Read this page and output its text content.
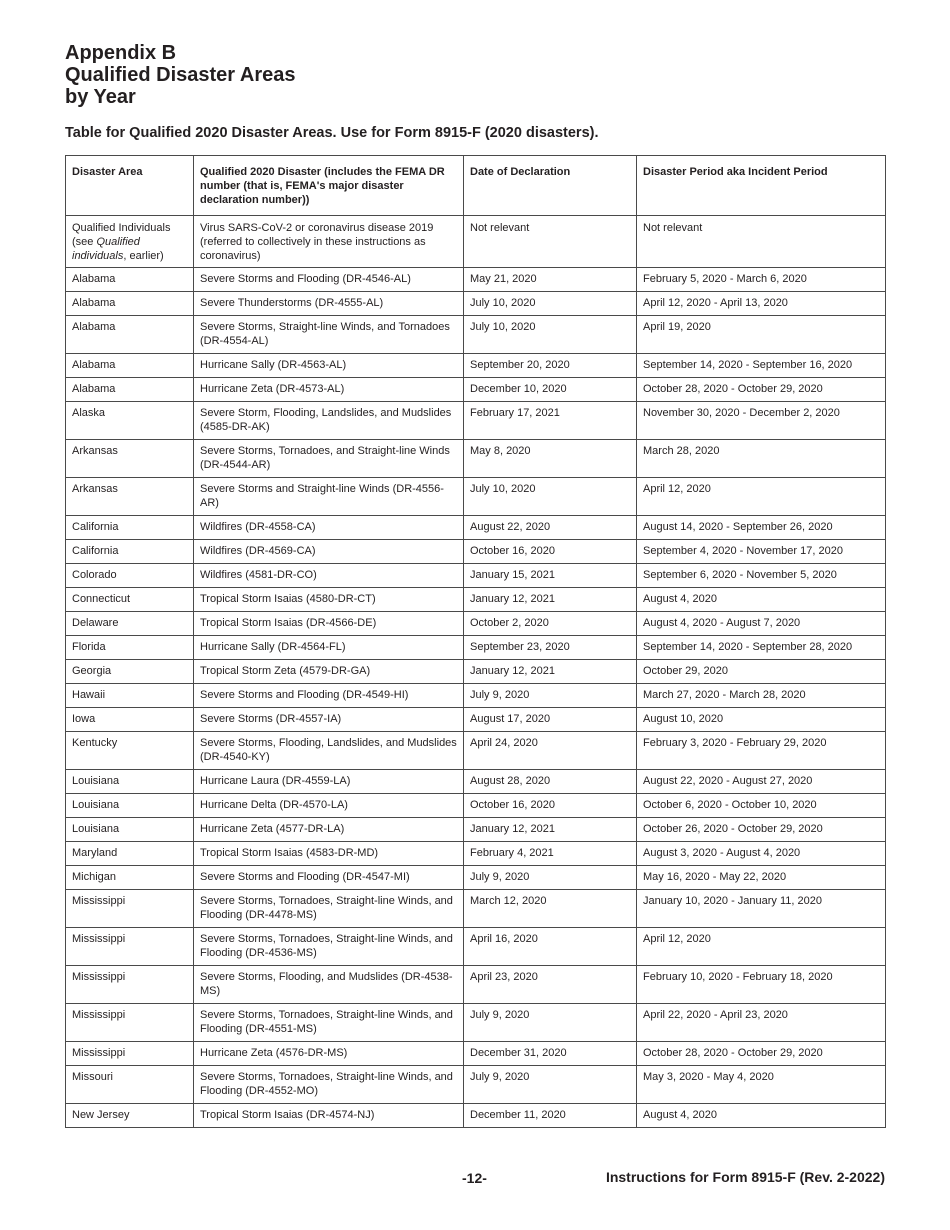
Appendix B
Qualified Disaster Areas
by Year
Table for Qualified 2020 Disaster Areas. Use for Form 8915-F (2020 disasters).
Disaster Area	Qualified 2020 Disaster (includes the FEMA DR number (that is, FEMA's major disaster declaration number))	Date of Declaration	Disaster Period aka Incident Period
Qualified Individuals (see Qualified individuals, earlier)	Virus SARS-CoV-2 or coronavirus disease 2019 (referred to collectively in these instructions as coronavirus)	Not relevant	Not relevant
Alabama	Severe Storms and Flooding (DR-4546-AL)	May 21, 2020	February 5, 2020 - March 6, 2020
Alabama	Severe Thunderstorms (DR-4555-AL)	July 10, 2020	April 12, 2020 - April 13, 2020
Alabama	Severe Storms, Straight-line Winds, and Tornadoes (DR-4554-AL)	July 10, 2020	April 19, 2020
Alabama	Hurricane Sally (DR-4563-AL)	September 20, 2020	September 14, 2020 - September 16, 2020
Alabama	Hurricane Zeta (DR-4573-AL)	December 10, 2020	October 28, 2020 - October 29, 2020
Alaska	Severe Storm, Flooding, Landslides, and Mudslides (4585-DR-AK)	February 17, 2021	November 30, 2020 - December 2, 2020
Arkansas	Severe Storms, Tornadoes, and Straight-line Winds (DR-4544-AR)	May 8, 2020	March 28, 2020
Arkansas	Severe Storms and Straight-line Winds (DR-4556-AR)	July 10, 2020	April 12, 2020
California	Wildfires (DR-4558-CA)	August 22, 2020	August 14, 2020 - September 26, 2020
California	Wildfires (DR-4569-CA)	October 16, 2020	September 4, 2020 - November 17, 2020
Colorado	Wildfires (4581-DR-CO)	January 15, 2021	September 6, 2020 - November 5, 2020
Connecticut	Tropical Storm Isaias (4580-DR-CT)	January 12, 2021	August 4, 2020
Delaware	Tropical Storm Isaias (DR-4566-DE)	October 2, 2020	August 4, 2020 - August 7, 2020
Florida	Hurricane Sally (DR-4564-FL)	September 23, 2020	September 14, 2020 - September 28, 2020
Georgia	Tropical Storm Zeta (4579-DR-GA)	January 12, 2021	October 29, 2020
Hawaii	Severe Storms and Flooding (DR-4549-HI)	July 9, 2020	March 27, 2020 - March 28, 2020
Iowa	Severe Storms (DR-4557-IA)	August 17, 2020	August 10, 2020
Kentucky	Severe Storms, Flooding, Landslides, and Mudslides (DR-4540-KY)	April 24, 2020	February 3, 2020 - February 29, 2020
Louisiana	Hurricane Laura (DR-4559-LA)	August 28, 2020	August 22, 2020 - August 27, 2020
Louisiana	Hurricane Delta (DR-4570-LA)	October 16, 2020	October 6, 2020 - October 10, 2020
Louisiana	Hurricane Zeta (4577-DR-LA)	January 12, 2021	October 26, 2020 - October 29, 2020
Maryland	Tropical Storm Isaias (4583-DR-MD)	February 4, 2021	August 3, 2020 - August 4, 2020
Michigan	Severe Storms and Flooding (DR-4547-MI)	July 9, 2020	May 16, 2020 - May 22, 2020
Mississippi	Severe Storms, Tornadoes, Straight-line Winds, and Flooding (DR-4478-MS)	March 12, 2020	January 10, 2020 - January 11, 2020
Mississippi	Severe Storms, Tornadoes, Straight-line Winds, and Flooding (DR-4536-MS)	April 16, 2020	April 12, 2020
Mississippi	Severe Storms, Flooding, and Mudslides (DR-4538-MS)	April 23, 2020	February 10, 2020 - February 18, 2020
Mississippi	Severe Storms, Tornadoes, Straight-line Winds, and Flooding (DR-4551-MS)	July 9, 2020	April 22, 2020 - April 23, 2020
Mississippi	Hurricane Zeta (4576-DR-MS)	December 31, 2020	October 28, 2020 - October 29, 2020
Missouri	Severe Storms, Tornadoes, Straight-line Winds, and Flooding (DR-4552-MO)	July 9, 2020	May 3, 2020 - May 4, 2020
New Jersey	Tropical Storm Isaias (DR-4574-NJ)	December 11, 2020	August 4, 2020
-12-	Instructions for Form 8915-F (Rev. 2-2022)
